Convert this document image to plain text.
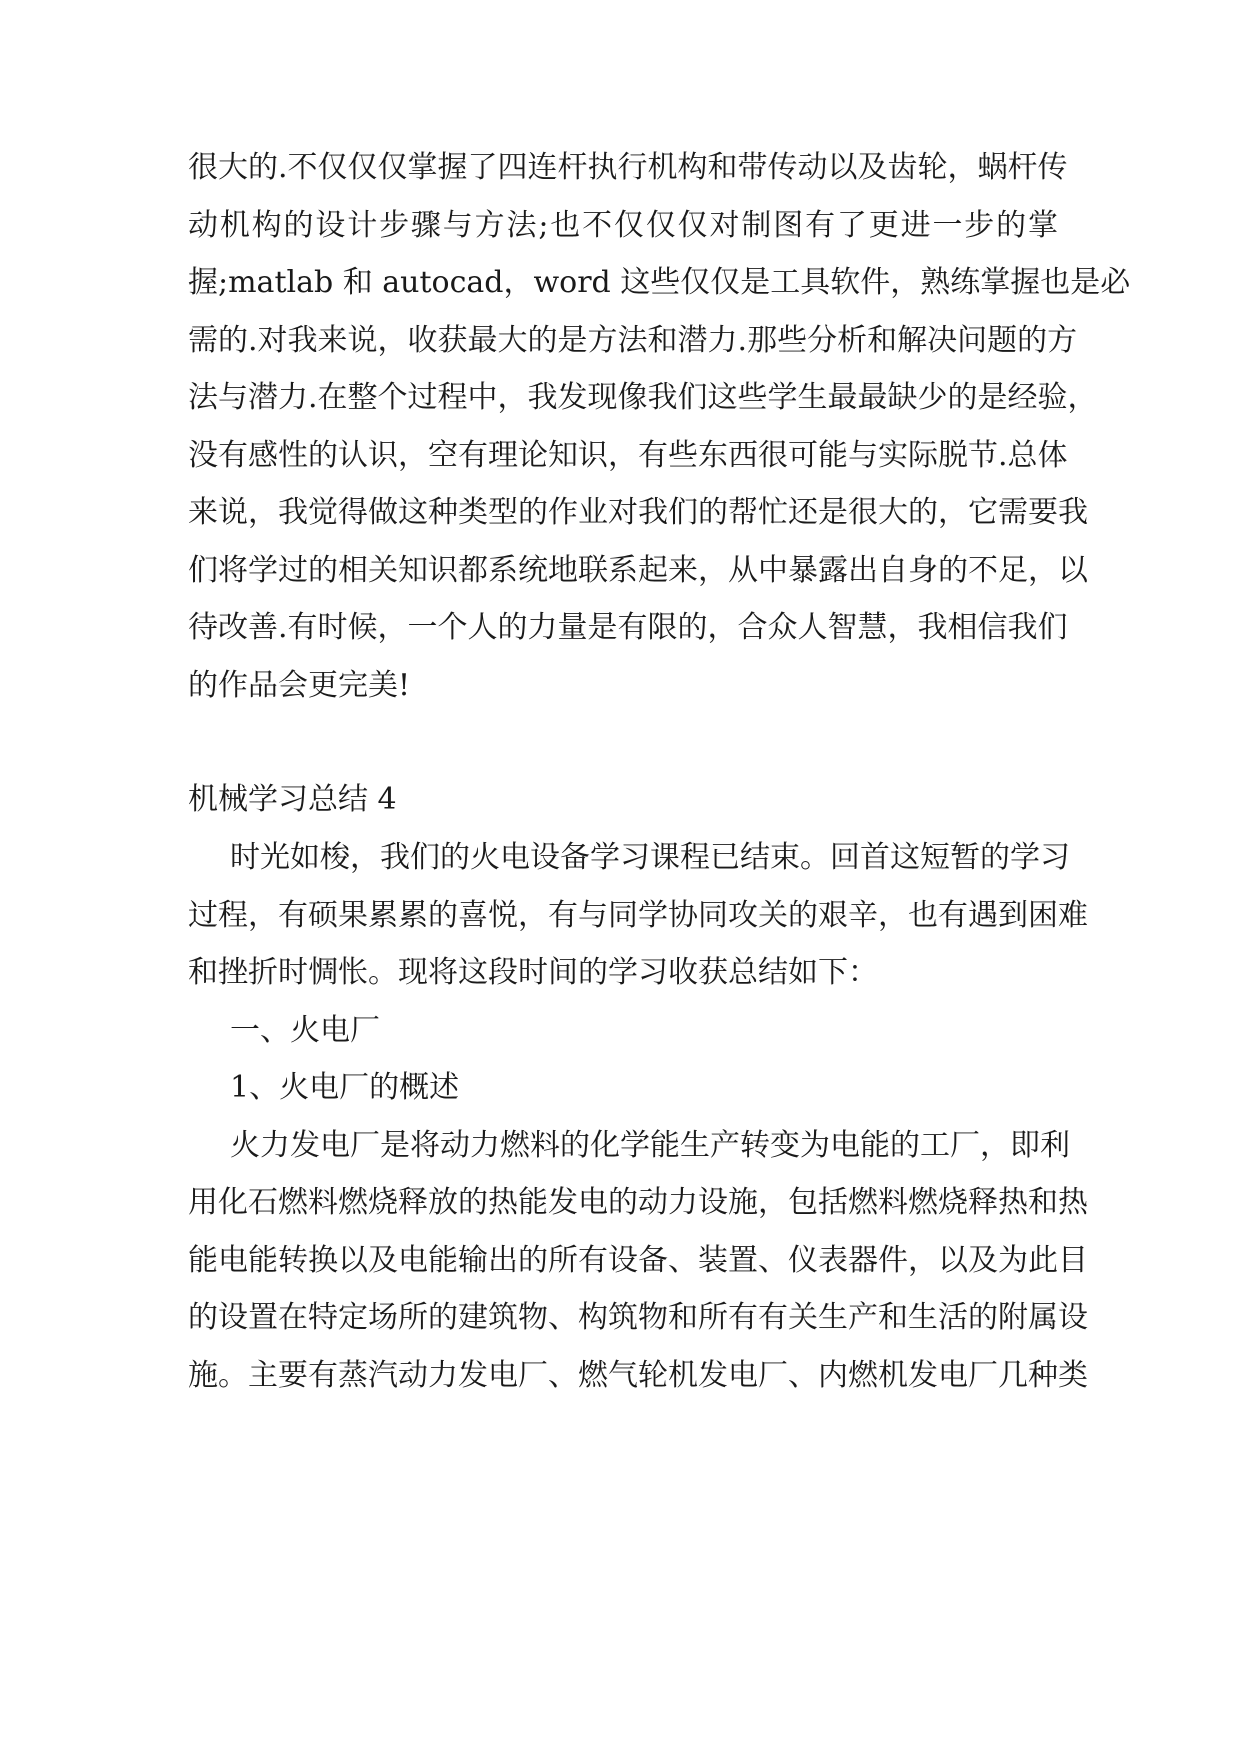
很大的.不仅仅仅掌握了四连杆执行机构和带传动以及齿轮，蜗杆传
动机构的设计步骤与方法;也不仅仅仅对制图有了更进一步的掌
握;matlab 和 autocad，word 这些仅仅是工具软件，熟练掌握也是必
需的.对我来说，收获最大的是方法和潜力.那些分析和解决问题的方
法与潜力.在整个过程中，我发现像我们这些学生最最缺少的是经验，
没有感性的认识，空有理论知识，有些东西很可能与实际脱节.总体
来说，我觉得做这种类型的作业对我们的帮忙还是很大的，它需要我
们将学过的相关知识都系统地联系起来，从中暴露出自身的不足，以
待改善.有时候，一个人的力量是有限的，合众人智慧，我相信我们
的作品会更完美!
机械学习总结 4
时光如梭，我们的火电设备学习课程已结束。回首这短暂的学习
过程，有硕果累累的喜悦，有与同学协同攻关的艰辛，也有遇到困难
和挫折时惆怅。现将这段时间的学习收获总结如下：
一、火电厂
1、火电厂的概述
火力发电厂是将动力燃料的化学能生产转变为电能的工厂，即利
用化石燃料燃烧释放的热能发电的动力设施，包括燃料燃烧释热和热
能电能转换以及电能输出的所有设备、装置、仪表器件，以及为此目
的设置在特定场所的建筑物、构筑物和所有有关生产和生活的附属设
施。主要有蒸汽动力发电厂、燃气轮机发电厂、内燃机发电厂几种类
